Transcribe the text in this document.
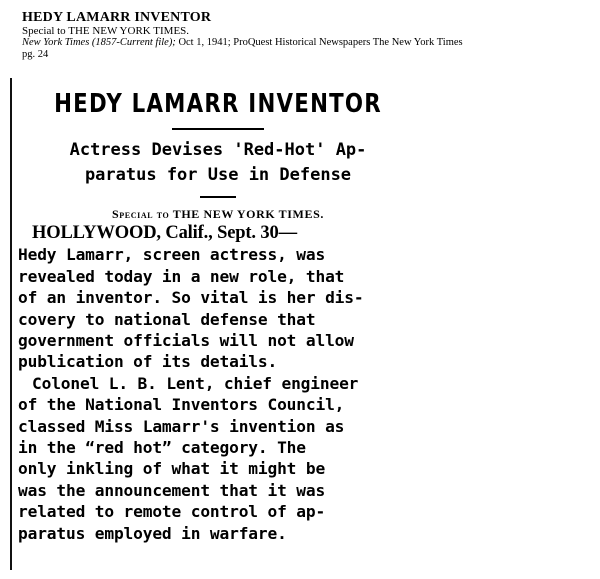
HEDY LAMARR INVENTOR
Special to THE NEW YORK TIMES.
New York Times (1857-Current file); Oct 1, 1941; ProQuest Historical Newspapers The New York Times
pg. 24
HEDY LAMARR INVENTOR
Actress Devises 'Red-Hot' Ap-
paratus for Use in Defense
Special to THE NEW YORK TIMES.
HOLLYWOOD, Calif., Sept. 30—
Hedy Lamarr, screen actress, was
revealed today in a new role, that
of an inventor. So vital is her dis-
covery to national defense that
government officials will not allow
publication of its details.
Colonel L. B. Lent, chief engineer
of the National Inventors Council,
classed Miss Lamarr's invention as
in the “red hot” category. The
only inkling of what it might be
was the announcement that it was
related to remote control of ap-
paratus employed in warfare.
